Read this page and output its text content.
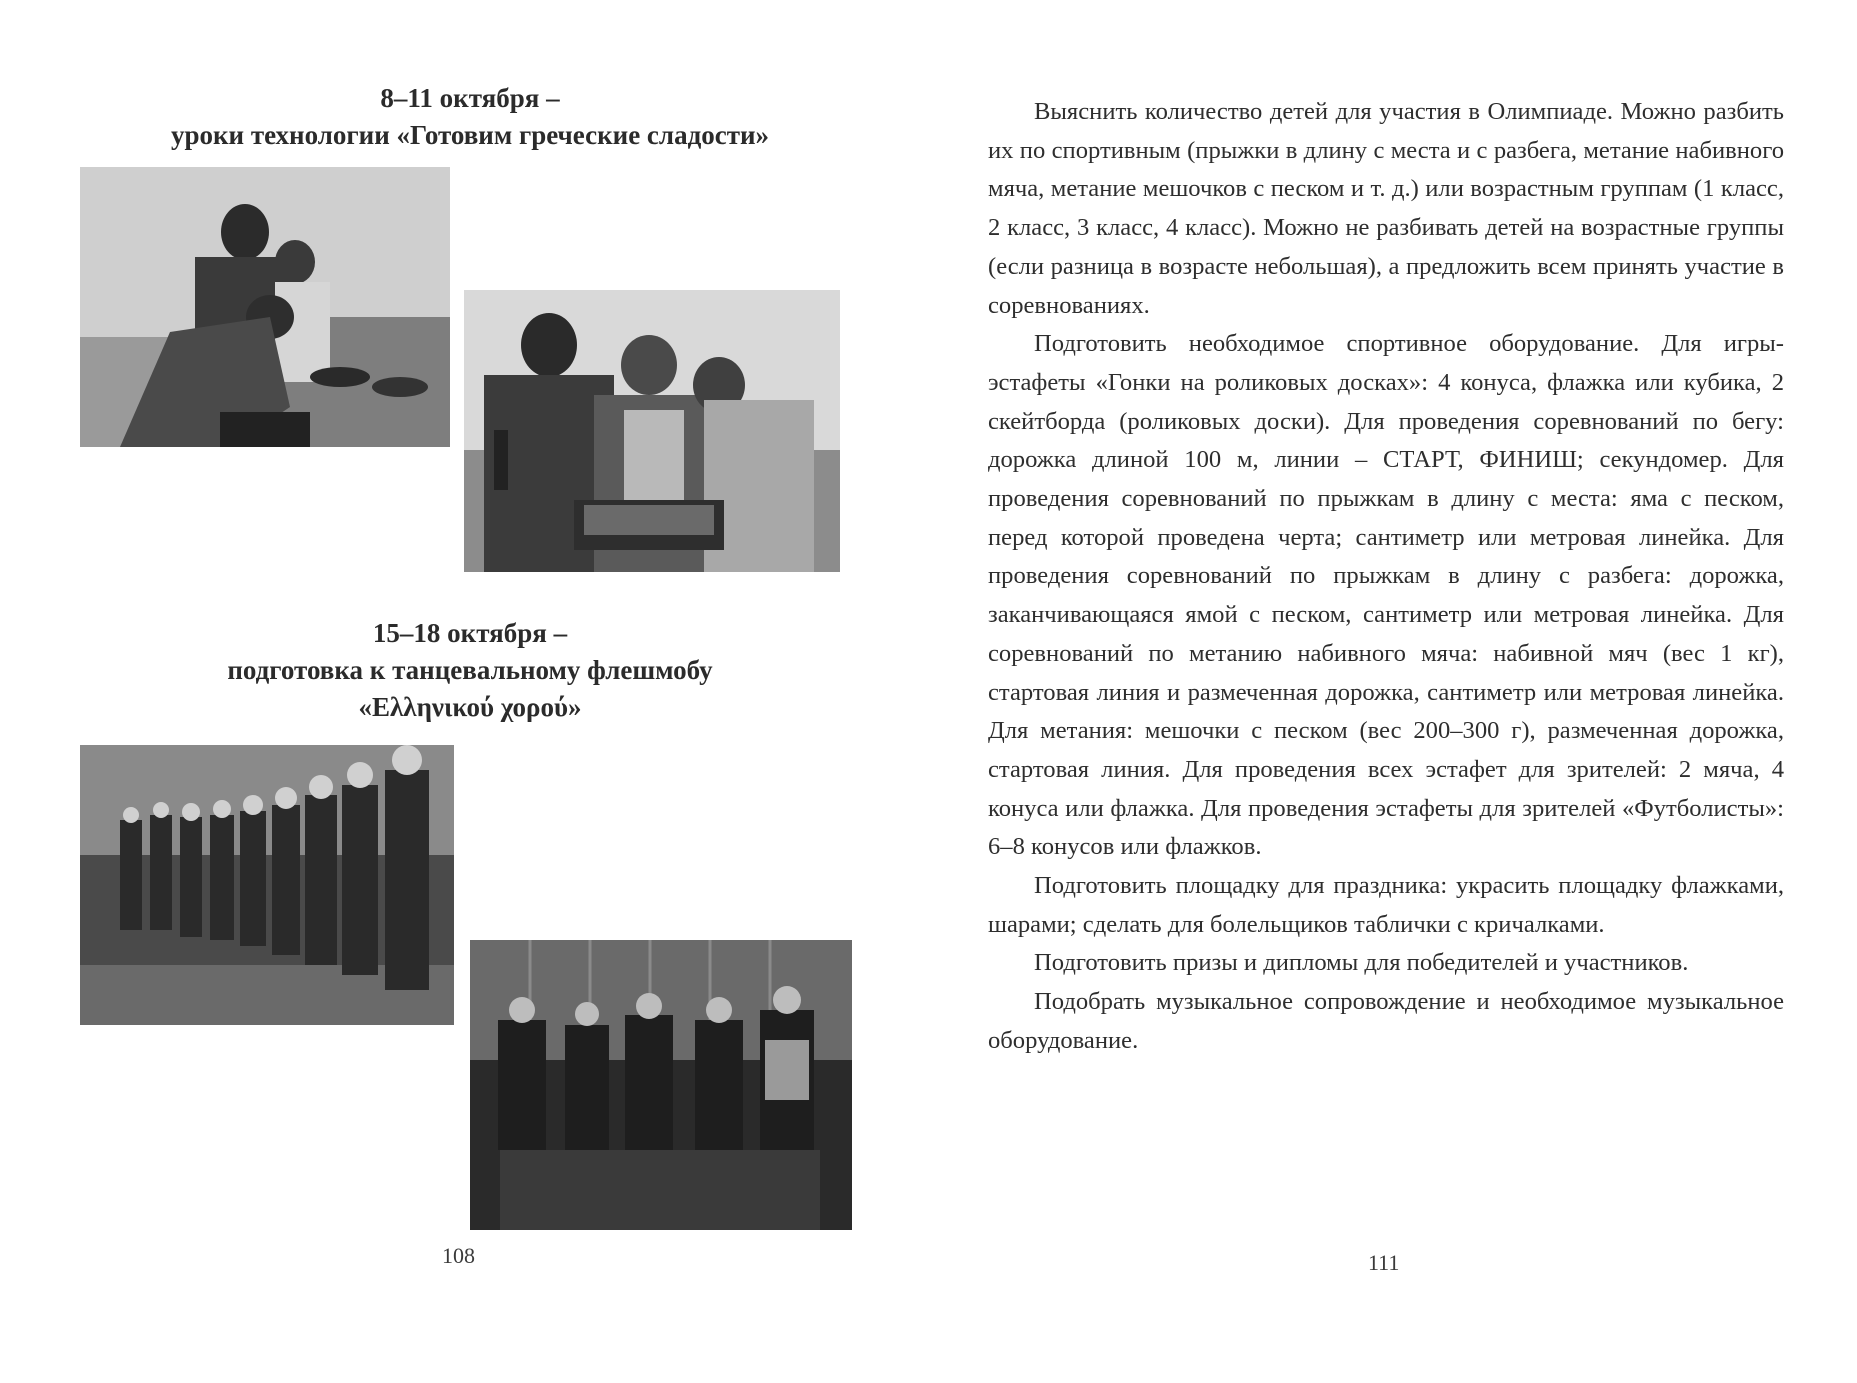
8–11 октября –
уроки технологии «Готовим греческие сладости»
15–18 октября –
подготовка к танцевальному флешмобу
«Ελληνικού χορού»
108

Выяснить количество детей для участия в Олимпиаде. Можно разбить их по спортивным (прыжки в длину с места и с разбега, метание набивного мяча, метание мешочков с песком и т. д.) или возрастным группам (1 класс, 2 класс, 3 класс, 4 класс). Можно не разбивать детей на возрастные группы (если разница в возрасте небольшая), а предложить всем принять участие в соревнованиях.

Подготовить необходимое спортивное оборудование. Для игры-эстафеты «Гонки на роликовых досках»: 4 конуса, флажка или кубика, 2 скейтборда (роликовых доски). Для проведения соревнований по бегу: дорожка длиной 100 м, линии – СТАРТ, ФИНИШ; секундомер. Для проведения соревнований по прыжкам в длину с места: яма с песком, перед которой проведена черта; сантиметр или метровая линейка. Для проведения соревнований по прыжкам в длину с разбега: дорожка, заканчивающаяся ямой с песком, сантиметр или метровая линейка. Для соревнований по метанию набивного мяча: набивной мяч (вес 1 кг), стартовая линия и размеченная дорожка, сантиметр или метровая линейка. Для метания: мешочки с песком (вес 200–300 г), размеченная дорожка, стартовая линия. Для проведения всех эстафет для зрителей: 2 мяча, 4 конуса или флажка. Для проведения эстафеты для зрителей «Футболисты»: 6–8 конусов или флажков.

Подготовить площадку для праздника: украсить площадку флажками, шарами; сделать для болельщиков таблички с кричалками.

Подготовить призы и дипломы для победителей и участников.

Подобрать музыкальное сопровождение и необходимое музыкальное оборудование.

111
